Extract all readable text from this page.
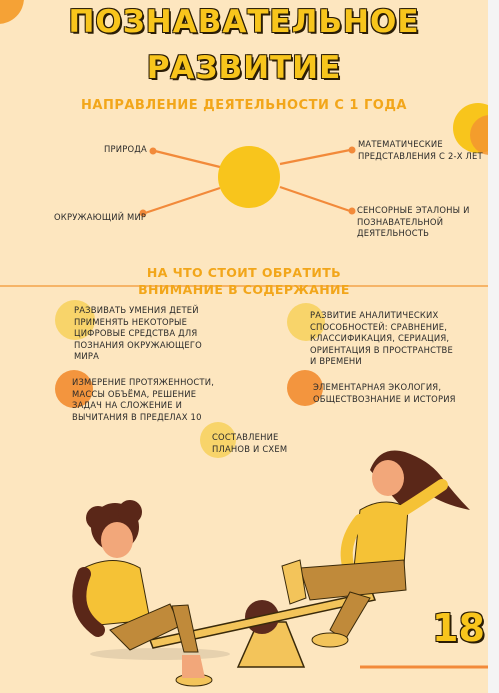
ПОЗНАВАТЕЛЬНОЕ
РАЗВИТИЕ
НАПРАВЛЕНИЕ ДЕЯТЕЛЬНОСТИ С 1 ГОДА
ПРИРОДА
ОКРУЖАЮЩИЙ МИР
МАТЕМАТИЧЕСКИЕ ПРЕДСТАВЛЕНИЯ С 2-Х ЛЕТ
СЕНСОРНЫЕ ЭТАЛОНЫ И ПОЗНАВАТЕЛЬНОЙ ДЕЯТЕЛЬНОСТЬ
НА ЧТО СТОИТ ОБРАТИТЬ ВНИМАНИЕ В СОДЕРЖАНИЕ
РАЗВИВАТЬ УМЕНИЯ ДЕТЕЙ ПРИМЕНЯТЬ НЕКОТОРЫЕ ЦИФРОВЫЕ СРЕДСТВА ДЛЯ ПОЗНАНИЯ ОКРУЖАЮЩЕГО МИРА
РАЗВИТИЕ АНАЛИТИЧЕСКИХ СПОСОБНОСТЕЙ: СРАВНЕНИЕ, КЛАССИФИКАЦИЯ, СЕРИАЦИЯ, ОРИЕНТАЦИЯ В ПРОСТРАНСТВЕ И ВРЕМЕНИ
ИЗМЕРЕНИЕ ПРОТЯЖЕННОСТИ, МАССЫ ОБЪЁМА, РЕШЕНИЕ ЗАДАЧ НА СЛОЖЕНИЕ И ВЫЧИТАНИЯ В ПРЕДЕЛАХ 10
ЭЛЕМЕНТАРНАЯ ЭКОЛОГИЯ, ОБЩЕСТВОЗНАНИЕ И ИСТОРИЯ
СОСТАВЛЕНИЕ ПЛАНОВ И СХЕМ
18
